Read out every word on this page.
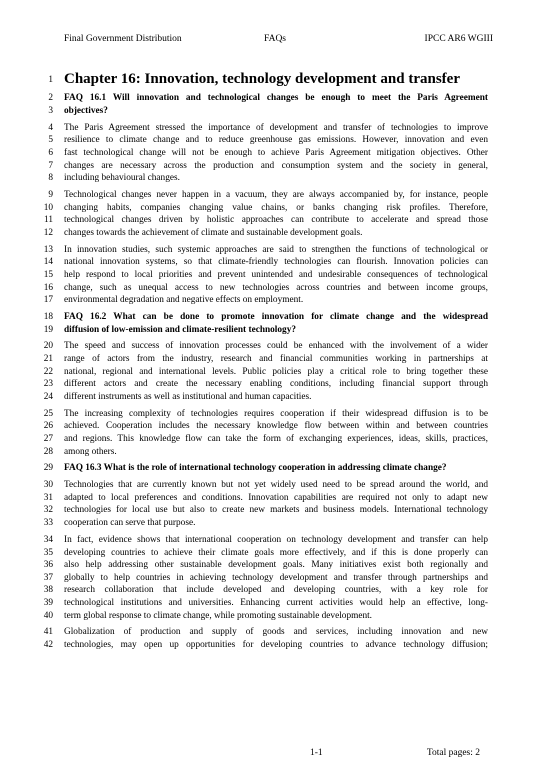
Final Government Distribution	FAQs	IPCC AR6 WGIII
1 Chapter 16: Innovation, technology development and transfer
2 FAQ 16.1 Will innovation and technological changes be enough to meet the Paris Agreement
3 objectives?
4 The Paris Agreement stressed the importance of development and transfer of technologies to improve
5 resilience to climate change and to reduce greenhouse gas emissions. However, innovation and even
6 fast technological change will not be enough to achieve Paris Agreement mitigation objectives. Other
7 changes are necessary across the production and consumption system and the society in general,
8 including behavioural changes.
9 Technological changes never happen in a vacuum, they are always accompanied by, for instance, people
10 changing habits, companies changing value chains, or banks changing risk profiles. Therefore,
11 technological changes driven by holistic approaches can contribute to accelerate and spread those
12 changes towards the achievement of climate and sustainable development goals.
13 In innovation studies, such systemic approaches are said to strengthen the functions of technological or
14 national innovation systems, so that climate-friendly technologies can flourish. Innovation policies can
15 help respond to local priorities and prevent unintended and undesirable consequences of technological
16 change, such as unequal access to new technologies across countries and between income groups,
17 environmental degradation and negative effects on employment.
18 FAQ 16.2 What can be done to promote innovation for climate change and the widespread
19 diffusion of low-emission and climate-resilient technology?
20 The speed and success of innovation processes could be enhanced with the involvement of a wider
21 range of actors from the industry, research and financial communities working in partnerships at
22 national, regional and international levels. Public policies play a critical role to bring together these
23 different actors and create the necessary enabling conditions, including financial support through
24 different instruments as well as institutional and human capacities.
25 The increasing complexity of technologies requires cooperation if their widespread diffusion is to be
26 achieved. Cooperation includes the necessary knowledge flow between within and between countries
27 and regions. This knowledge flow can take the form of exchanging experiences, ideas, skills, practices,
28 among others.
29 FAQ 16.3 What is the role of international technology cooperation in addressing climate change?
30 Technologies that are currently known but not yet widely used need to be spread around the world, and
31 adapted to local preferences and conditions. Innovation capabilities are required not only to adapt new
32 technologies for local use but also to create new markets and business models. International technology
33 cooperation can serve that purpose.
34 In fact, evidence shows that international cooperation on technology development and transfer can help
35 developing countries to achieve their climate goals more effectively, and if this is done properly can
36 also help addressing other sustainable development goals. Many initiatives exist both regionally and
37 globally to help countries in achieving technology development and transfer through partnerships and
38 research collaboration that include developed and developing countries, with a key role for
39 technological institutions and universities. Enhancing current activities would help an effective, long-
40 term global response to climate change, while promoting sustainable development.
41 Globalization of production and supply of goods and services, including innovation and new
42 technologies, may open up opportunities for developing countries to advance technology diffusion;
1-1	Total pages: 2
